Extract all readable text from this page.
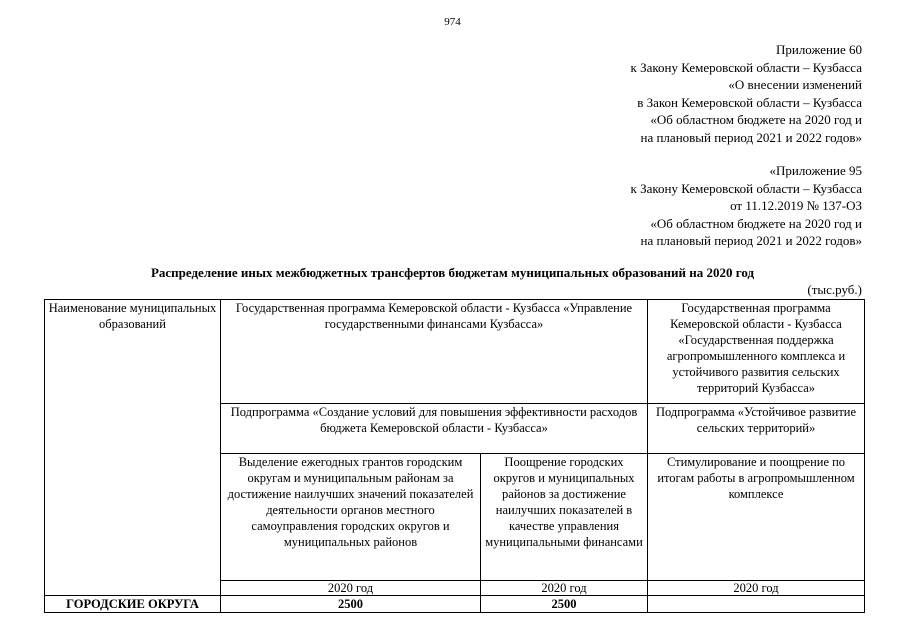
974
Приложение 60
к Закону Кемеровской области – Кузбасса
«О внесении изменений
в Закон Кемеровской области – Кузбасса
«Об областном бюджете на 2020 год и
на плановый период 2021 и 2022 годов»
«Приложение 95
к Закону Кемеровской области – Кузбасса
от 11.12.2019 № 137-ОЗ
«Об областном бюджете на 2020 год и
на плановый период 2021 и 2022 годов»
Распределение иных межбюджетных трансфертов бюджетам муниципальных образований на 2020 год
(тыс.руб.)
Наименование муниципальных образований	Государственная программа Кемеровской области - Кузбасса «Управление государственными финансами Кузбасса»		Государственная программа Кемеровской области - Кузбасса «Государственная поддержка агропромышленного комплекса и устойчивого развития сельских территорий Кузбасса»
	Подпрограмма «Создание условий для повышения эффективности расходов бюджета Кемеровской области - Кузбасса»		Подпрограмма «Устойчивое развитие сельских территорий»
	Выделение ежегодных грантов городским округам и муниципальным районам за достижение наилучших значений показателей деятельности органов местного самоуправления городских округов и муниципальных районов	Поощрение городских округов и муниципальных районов за достижение наилучших показателей в качестве управления муниципальными финансами	Стимулирование и поощрение по итогам работы в агропромышленном комплексе
	2020 год	2020 год	2020 год
ГОРОДСКИЕ ОКРУГА	2500	2500	
